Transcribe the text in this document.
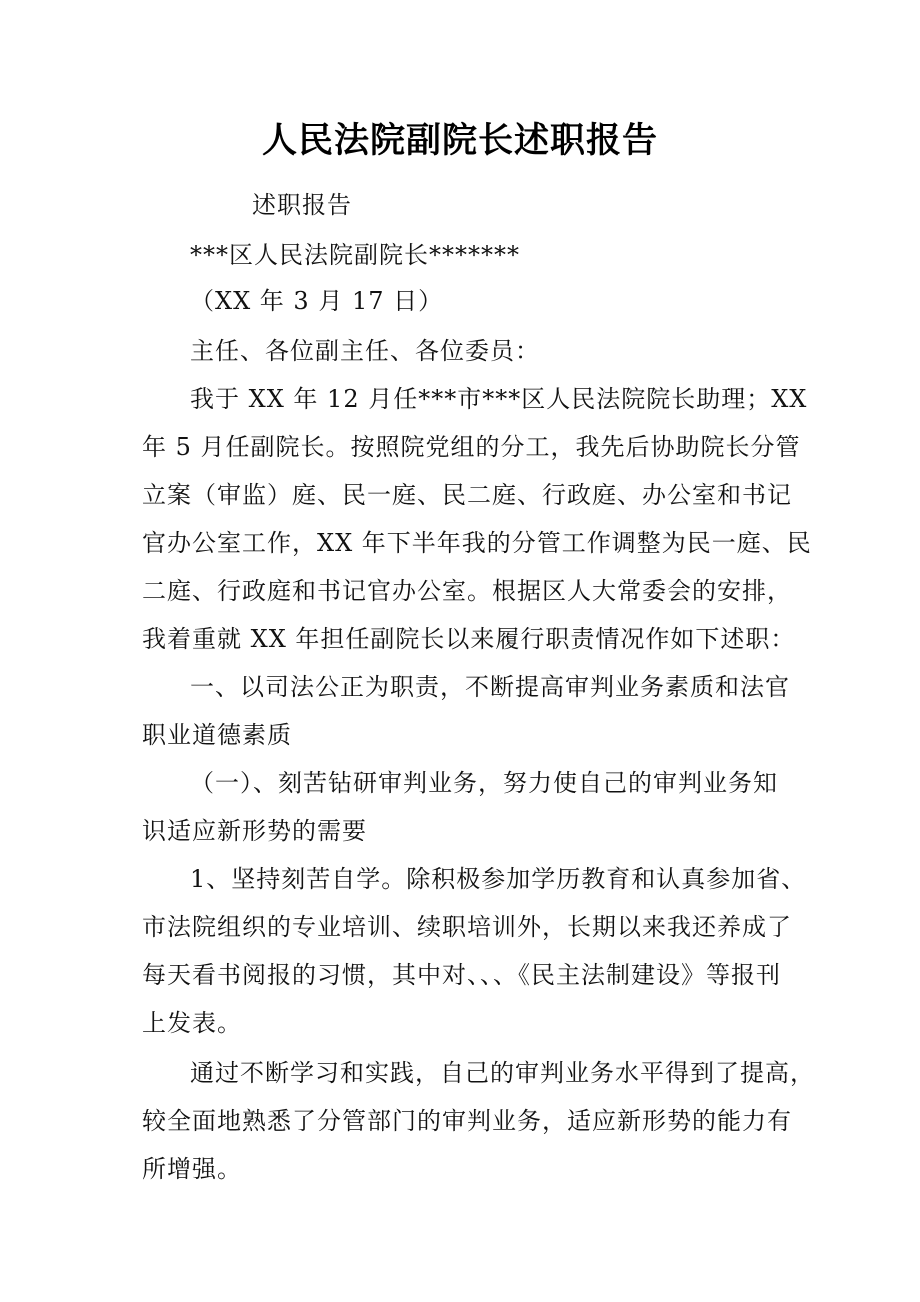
人民法院副院长述职报告
述职报告
***区人民法院副院长*******
（XX 年 3 月 17 日）
主任、各位副主任、各位委员：
我于 XX 年 12 月任***市***区人民法院院长助理；XX
年 5 月任副院长。按照院党组的分工，我先后协助院长分管
立案（审监）庭、民一庭、民二庭、行政庭、办公室和书记
官办公室工作，XX 年下半年我的分管工作调整为民一庭、民
二庭、行政庭和书记官办公室。根据区人大常委会的安排，
我着重就 XX 年担任副院长以来履行职责情况作如下述职：
一、以司法公正为职责，不断提高审判业务素质和法官
职业道德素质
（一）、刻苦钻研审判业务，努力使自己的审判业务知
识适应新形势的需要
1、坚持刻苦自学。除积极参加学历教育和认真参加省、
市法院组织的专业培训、续职培训外，长期以来我还养成了
每天看书阅报的习惯，其中对、、、《民主法制建设》等报刊
上发表。
通过不断学习和实践，自己的审判业务水平得到了提高，
较全面地熟悉了分管部门的审判业务，适应新形势的能力有
所增强。
